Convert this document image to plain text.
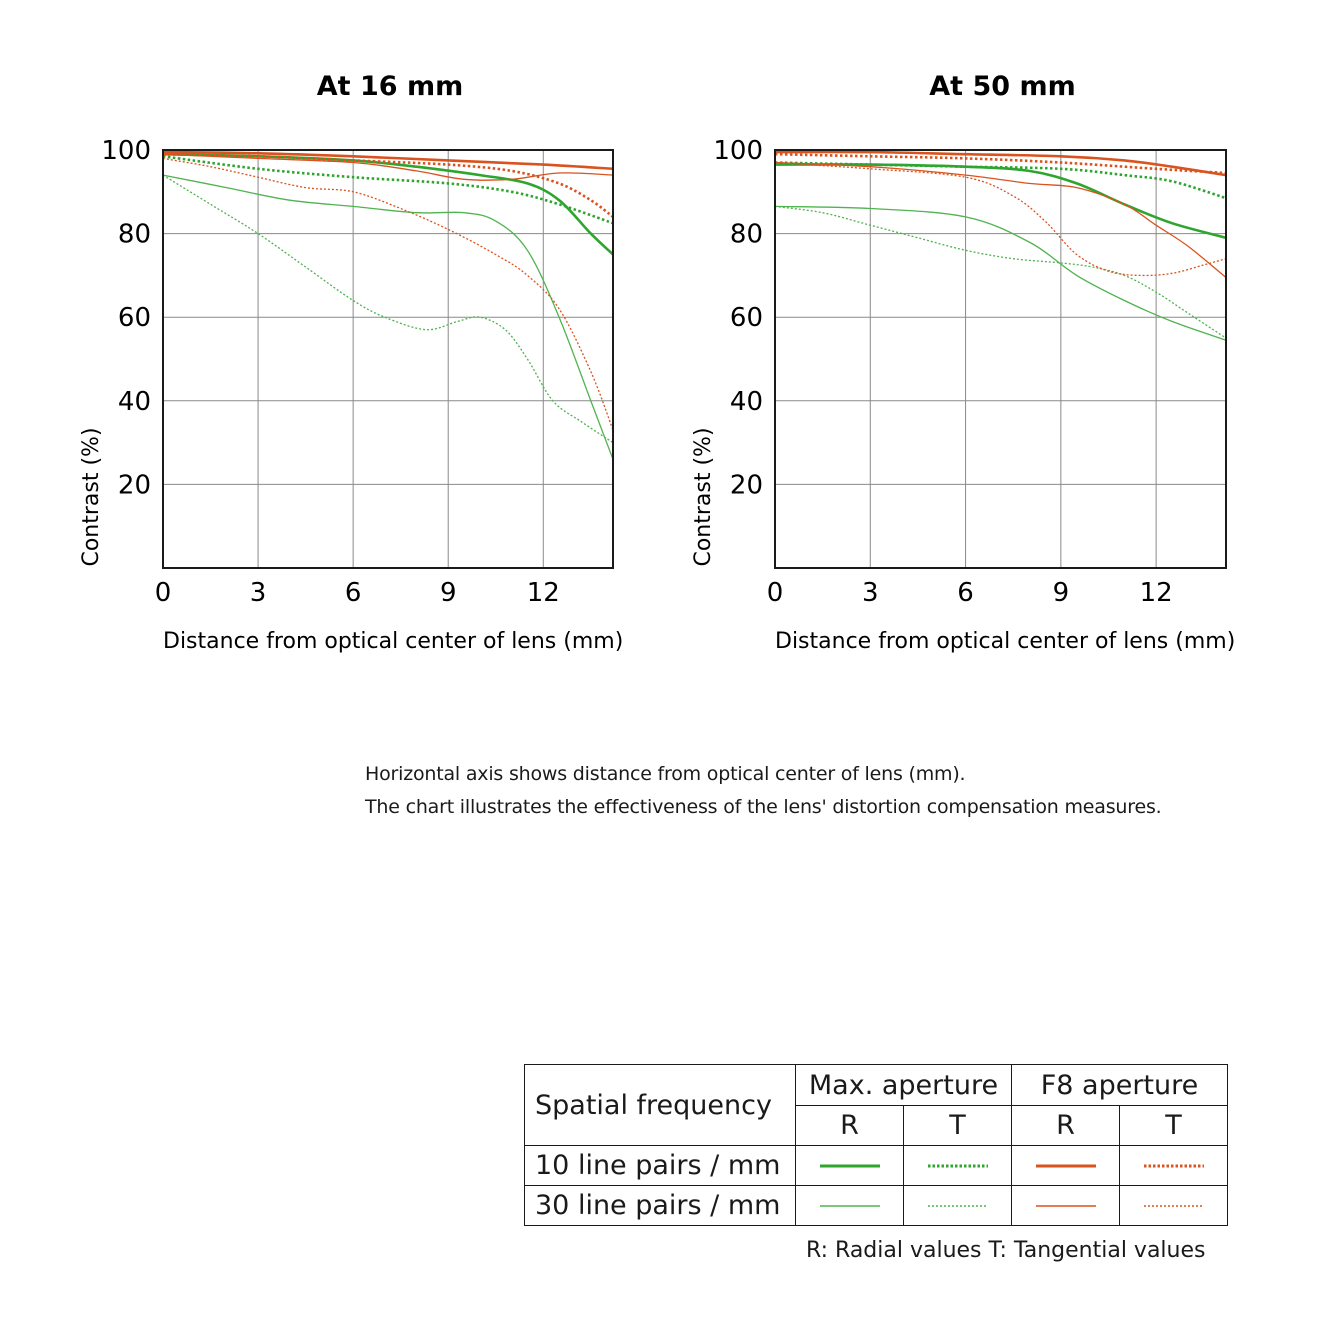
At 16 mm
0	3	6	9	12
20
40
60
80
100
Distance from optical center of lens (mm)
Contrast (%)
At 50 mm
0	3	6	9	12
20
40
60
80
100
Distance from optical center of lens (mm)
Contrast (%)
Horizontal axis shows distance from optical center of lens (mm).
The chart illustrates the effectiveness of the lens' distortion compensation measures.
Spatial frequency	Max. aperture		F8 aperture	
	R	T	R	T
10 line pairs / mm	

30 line pairs / mm	

R: Radial values T: Tangential values
